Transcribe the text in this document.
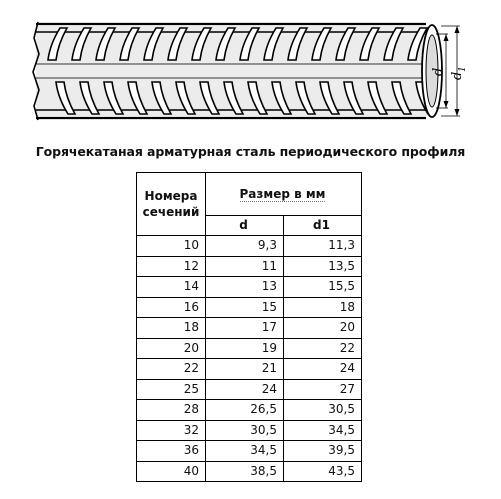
d d
1
Горячекатаная арматурная сталь периодического профиля
Номера сечений	Размер в мм	
	d	d1
10	9,3	11,3
12	11	13,5
14	13	15,5
16	15	18
18	17	20
20	19	22
22	21	24
25	24	27
28	26,5	30,5
32	30,5	34,5
36	34,5	39,5
40	38,5	43,5
